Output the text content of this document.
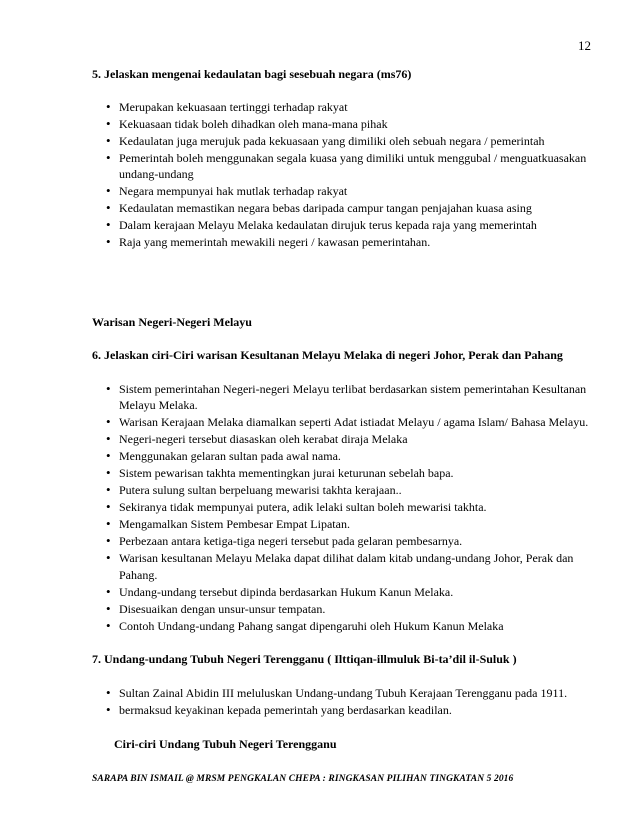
12

5. Jelaskan mengenai kedaulatan bagi sesebuah negara (ms76)

• Merupakan kekuasaan tertinggi terhadap rakyat
• Kekuasaan tidak boleh dihadkan oleh mana-mana pihak
• Kedaulatan juga merujuk pada kekuasaan yang dimiliki oleh sebuah negara / pemerintah
• Pemerintah boleh menggunakan segala kuasa yang dimiliki untuk menggubal / menguatkuasakan undang-undang
• Negara mempunyai hak mutlak terhadap rakyat
• Kedaulatan memastikan negara bebas daripada campur tangan penjajahan kuasa asing
• Dalam kerajaan Melayu Melaka kedaulatan dirujuk terus kepada raja yang memerintah
• Raja yang memerintah mewakili negeri / kawasan pemerintahan.

Warisan Negeri-Negeri Melayu

6. Jelaskan ciri-Ciri warisan Kesultanan Melayu Melaka di negeri Johor, Perak dan Pahang

• Sistem pemerintahan Negeri-negeri Melayu terlibat berdasarkan sistem pemerintahan Kesultanan Melayu Melaka.
• Warisan Kerajaan Melaka diamalkan seperti Adat istiadat Melayu / agama Islam/ Bahasa Melayu.
• Negeri-negeri tersebut diasaskan oleh kerabat diraja Melaka
• Menggunakan gelaran sultan pada awal nama.
• Sistem pewarisan takhta mementingkan jurai keturunan sebelah bapa.
• Putera sulung sultan berpeluang mewarisi takhta kerajaan..
• Sekiranya tidak mempunyai putera, adik lelaki sultan boleh mewarisi takhta.
• Mengamalkan Sistem Pembesar Empat Lipatan.
• Perbezaan antara ketiga-tiga negeri tersebut pada gelaran pembesarnya.
• Warisan kesultanan Melayu Melaka dapat dilihat dalam kitab undang-undang Johor, Perak dan Pahang.
• Undang-undang tersebut dipinda berdasarkan Hukum Kanun Melaka.
• Disesuaikan dengan unsur-unsur tempatan.
• Contoh Undang-undang Pahang sangat dipengaruhi oleh Hukum Kanun Melaka

7. Undang-undang Tubuh Negeri Terengganu ( Ilttiqan-illmuluk Bi-ta’dil il-Suluk )

• Sultan Zainal Abidin III meluluskan Undang-undang Tubuh Kerajaan Terengganu pada 1911.
• bermaksud keyakinan kepada pemerintah yang berdasarkan keadilan.

Ciri-ciri Undang Tubuh Negeri Terengganu

SARAPA BIN ISMAIL @ MRSM PENGKALAN CHEPA : RINGKASAN PILIHAN TINGKATAN 5 2016
